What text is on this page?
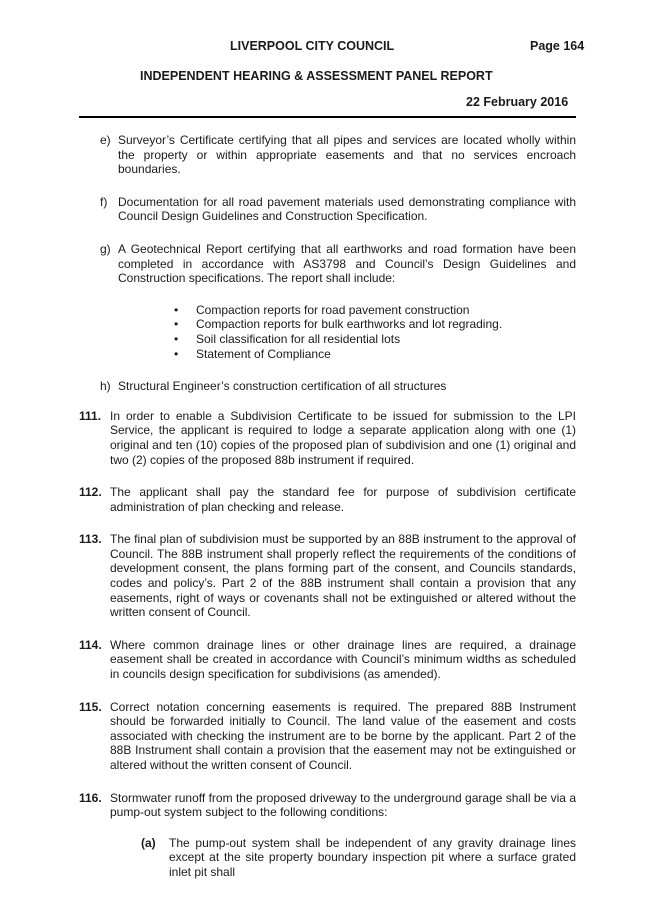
LIVERPOOL CITY COUNCIL	Page 164
INDEPENDENT HEARING & ASSESSMENT PANEL REPORT
22 February 2016
e) Surveyor’s Certificate certifying that all pipes and services are located wholly within the property or within appropriate easements and that no services encroach boundaries.

f) Documentation for all road pavement materials used demonstrating compliance with Council Design Guidelines and Construction Specification.

g) A Geotechnical Report certifying that all earthworks and road formation have been completed in accordance with AS3798 and Council’s Design Guidelines and Construction specifications. The report shall include:

• Compaction reports for road pavement construction
• Compaction reports for bulk earthworks and lot regrading.
• Soil classification for all residential lots
• Statement of Compliance
h) Structural Engineer’s construction certification of all structures

111. In order to enable a Subdivision Certificate to be issued for submission to the LPI Service, the applicant is required to lodge a separate application along with one (1) original and ten (10) copies of the proposed plan of subdivision and one (1) original and two (2) copies of the proposed 88b instrument if required.

112. The applicant shall pay the standard fee for purpose of subdivision certificate administration of plan checking and release.

113. The final plan of subdivision must be supported by an 88B instrument to the approval of Council. The 88B instrument shall properly reflect the requirements of the conditions of development consent, the plans forming part of the consent, and Councils standards, codes and policy’s. Part 2 of the 88B instrument shall contain a provision that any easements, right of ways or covenants shall not be extinguished or altered without the written consent of Council.

114. Where common drainage lines or other drainage lines are required, a drainage easement shall be created in accordance with Council’s minimum widths as scheduled in councils design specification for subdivisions (as amended).

115. Correct notation concerning easements is required. The prepared 88B Instrument should be forwarded initially to Council. The land value of the easement and costs associated with checking the instrument are to be borne by the applicant. Part 2 of the 88B Instrument shall contain a provision that the easement may not be extinguished or altered without the written consent of Council.

116. Stormwater runoff from the proposed driveway to the underground garage shall be via a pump-out system subject to the following conditions:

(a) The pump-out system shall be independent of any gravity drainage lines except at the site property boundary inspection pit where a surface grated inlet pit shall
